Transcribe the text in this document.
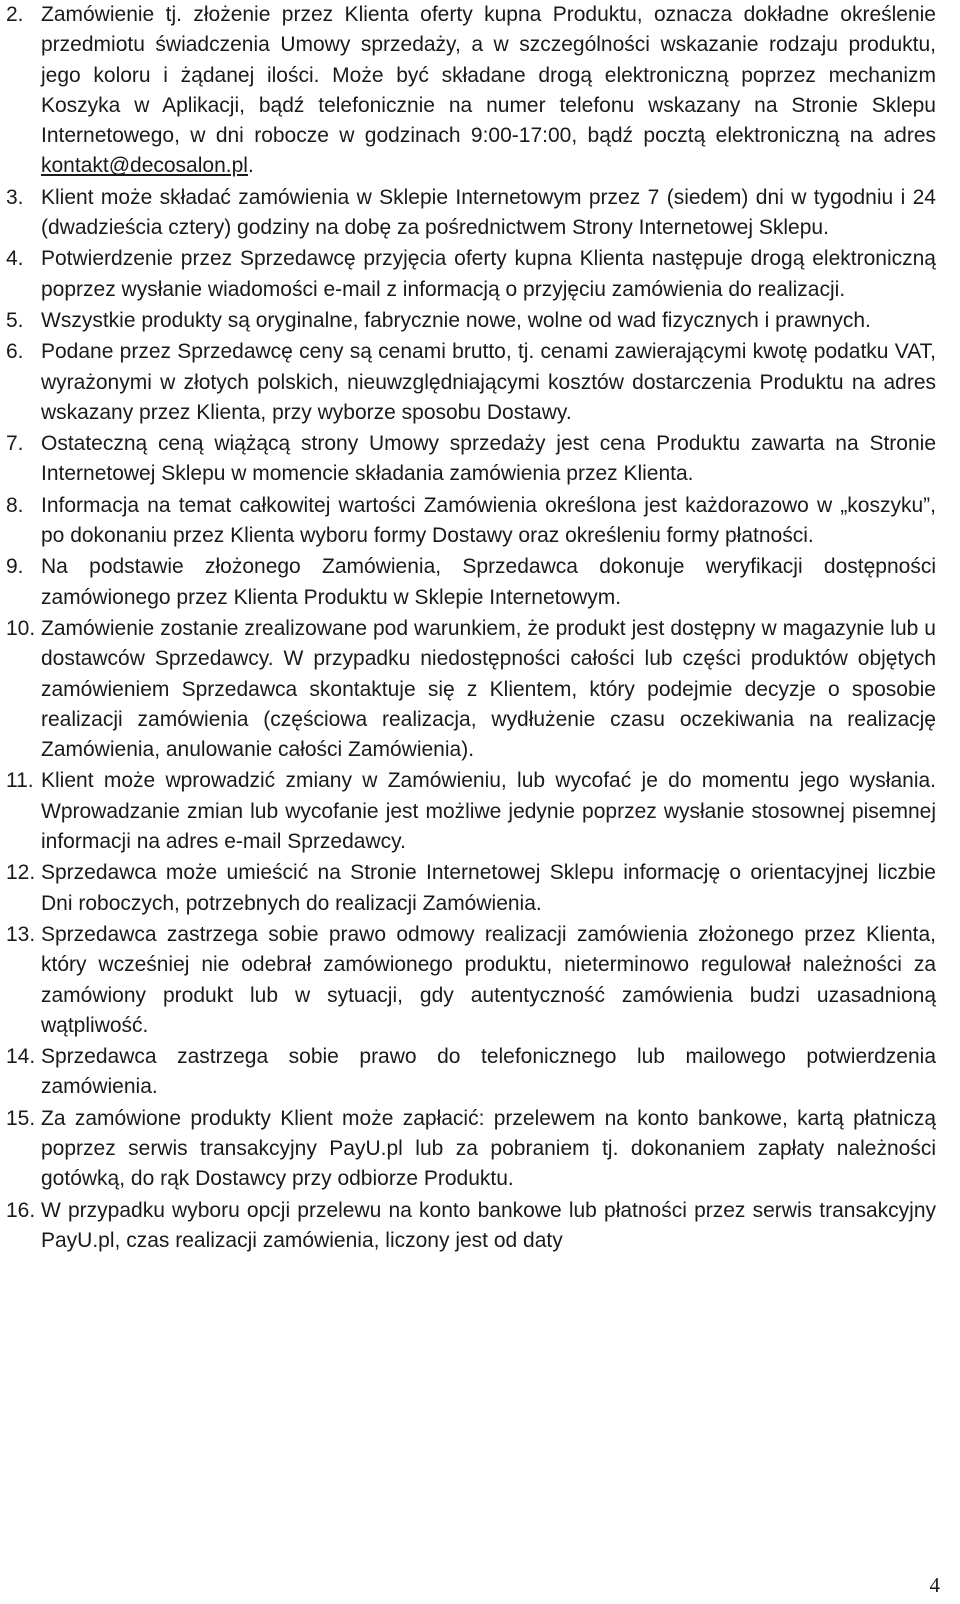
2. Zamówienie tj. złożenie przez Klienta oferty kupna Produktu, oznacza dokładne określenie przedmiotu świadczenia Umowy sprzedaży, a w szczególności wskazanie rodzaju produktu, jego koloru i żądanej ilości. Może być składane drogą elektroniczną poprzez mechanizm Koszyka w Aplikacji, bądź telefonicznie na numer telefonu wskazany na Stronie Sklepu Internetowego, w dni robocze w godzinach 9:00-17:00, bądź pocztą elektroniczną na adres kontakt@decosalon.pl.
3. Klient może składać zamówienia w Sklepie Internetowym przez 7 (siedem) dni w tygodniu i 24 (dwadzieścia cztery) godziny na dobę za pośrednictwem Strony Internetowej Sklepu.
4. Potwierdzenie przez Sprzedawcę przyjęcia oferty kupna Klienta następuje drogą elektroniczną poprzez wysłanie wiadomości e-mail z informacją o przyjęciu zamówienia do realizacji.
5. Wszystkie produkty są oryginalne, fabrycznie nowe, wolne od wad fizycznych i prawnych.
6. Podane przez Sprzedawcę ceny są cenami brutto, tj. cenami zawierającymi kwotę podatku VAT, wyrażonymi w złotych polskich, nieuwzględniającymi kosztów dostarczenia Produktu na adres wskazany przez Klienta, przy wyborze sposobu Dostawy.
7. Ostateczną ceną wiążącą strony Umowy sprzedaży jest cena Produktu zawarta na Stronie Internetowej Sklepu w momencie składania zamówienia przez Klienta.
8. Informacja na temat całkowitej wartości Zamówienia określona jest każdorazowo w „koszyku”, po dokonaniu przez Klienta wyboru formy Dostawy oraz określeniu formy płatności.
9. Na podstawie złożonego Zamówienia, Sprzedawca dokonuje weryfikacji dostępności zamówionego przez Klienta Produktu w Sklepie Internetowym.
10. Zamówienie zostanie zrealizowane pod warunkiem, że produkt jest dostępny w magazynie lub u dostawców Sprzedawcy. W przypadku niedostępności całości lub części produktów objętych zamówieniem Sprzedawca skontaktuje się z Klientem, który podejmie decyzje o sposobie realizacji zamówienia (częściowa realizacja, wydłużenie czasu oczekiwania na realizację Zamówienia, anulowanie całości Zamówienia).
11. Klient może wprowadzić zmiany w Zamówieniu, lub wycofać je do momentu jego wysłania. Wprowadzanie zmian lub wycofanie jest możliwe jedynie poprzez wysłanie stosownej pisemnej informacji na adres e-mail Sprzedawcy.
12. Sprzedawca może umieścić na Stronie Internetowej Sklepu informację o orientacyjnej liczbie Dni roboczych, potrzebnych do realizacji Zamówienia.
13. Sprzedawca zastrzega sobie prawo odmowy realizacji zamówienia złożonego przez Klienta, który wcześniej nie odebrał zamówionego produktu, nieterminowo regulował należności za zamówiony produkt lub w sytuacji, gdy autentyczność zamówienia budzi uzasadnioną wątpliwość.
14. Sprzedawca zastrzega sobie prawo do telefonicznego lub mailowego potwierdzenia zamówienia.
15. Za zamówione produkty Klient może zapłacić: przelewem na konto bankowe, kartą płatniczą poprzez serwis transakcyjny PayU.pl lub za pobraniem tj. dokonaniem zapłaty należności gotówką, do rąk Dostawcy przy odbiorze Produktu.
16. W przypadku wyboru opcji przelewu na konto bankowe lub płatności przez serwis transakcyjny PayU.pl, czas realizacji zamówienia, liczony jest od daty
4
